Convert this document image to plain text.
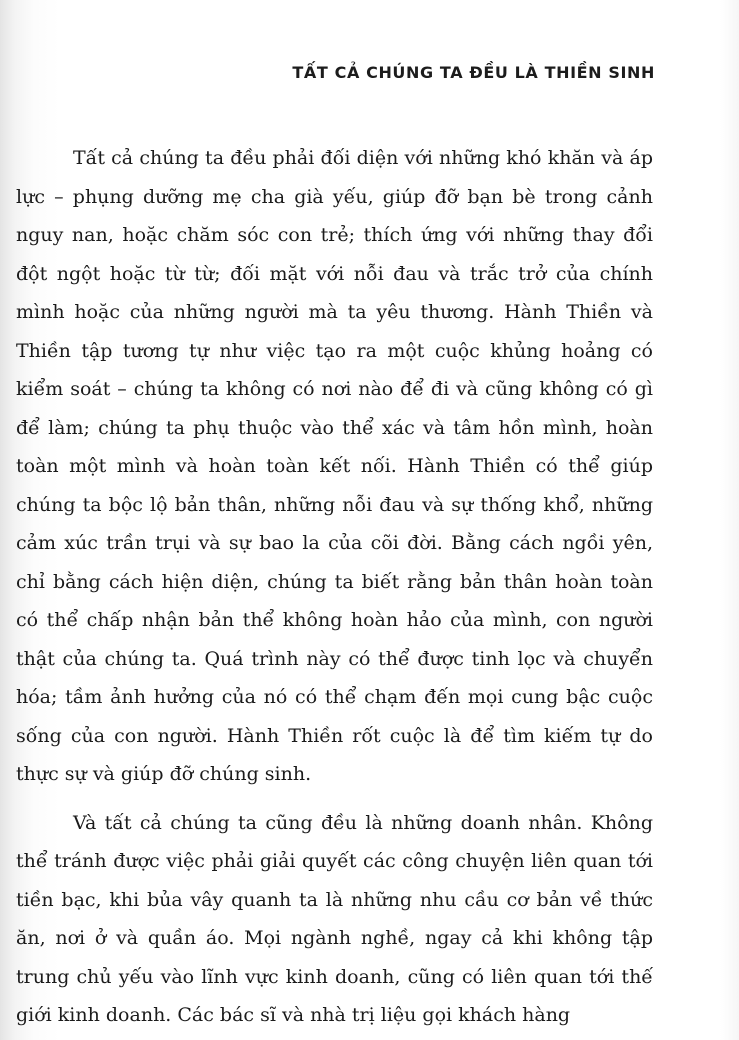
TẤT CẢ CHÚNG TA ĐỀU LÀ THIỀN SINH

Tất cả chúng ta đều phải đối diện với những khó khăn và áp lực – phụng dưỡng mẹ cha già yếu, giúp đỡ bạn bè trong cảnh nguy nan, hoặc chăm sóc con trẻ; thích ứng với những thay đổi đột ngột hoặc từ từ; đối mặt với nỗi đau và trắc trở của chính mình hoặc của những người mà ta yêu thương. Hành Thiền và Thiền tập tương tự như việc tạo ra một cuộc khủng hoảng có kiểm soát – chúng ta không có nơi nào để đi và cũng không có gì để làm; chúng ta phụ thuộc vào thể xác và tâm hồn mình, hoàn toàn một mình và hoàn toàn kết nối. Hành Thiền có thể giúp chúng ta bộc lộ bản thân, những nỗi đau và sự thống khổ, những cảm xúc trần trụi và sự bao la của cõi đời. Bằng cách ngồi yên, chỉ bằng cách hiện diện, chúng ta biết rằng bản thân hoàn toàn có thể chấp nhận bản thể không hoàn hảo của mình, con người thật của chúng ta. Quá trình này có thể được tinh lọc và chuyển hóa; tầm ảnh hưởng của nó có thể chạm đến mọi cung bậc cuộc sống của con người. Hành Thiền rốt cuộc là để tìm kiếm tự do thực sự và giúp đỡ chúng sinh.

Và tất cả chúng ta cũng đều là những doanh nhân. Không thể tránh được việc phải giải quyết các công chuyện liên quan tới tiền bạc, khi bủa vây quanh ta là những nhu cầu cơ bản về thức ăn, nơi ở và quần áo. Mọi ngành nghề, ngay cả khi không tập trung chủ yếu vào lĩnh vực kinh doanh, cũng có liên quan tới thế giới kinh doanh. Các bác sĩ và nhà trị liệu gọi khách hàng
